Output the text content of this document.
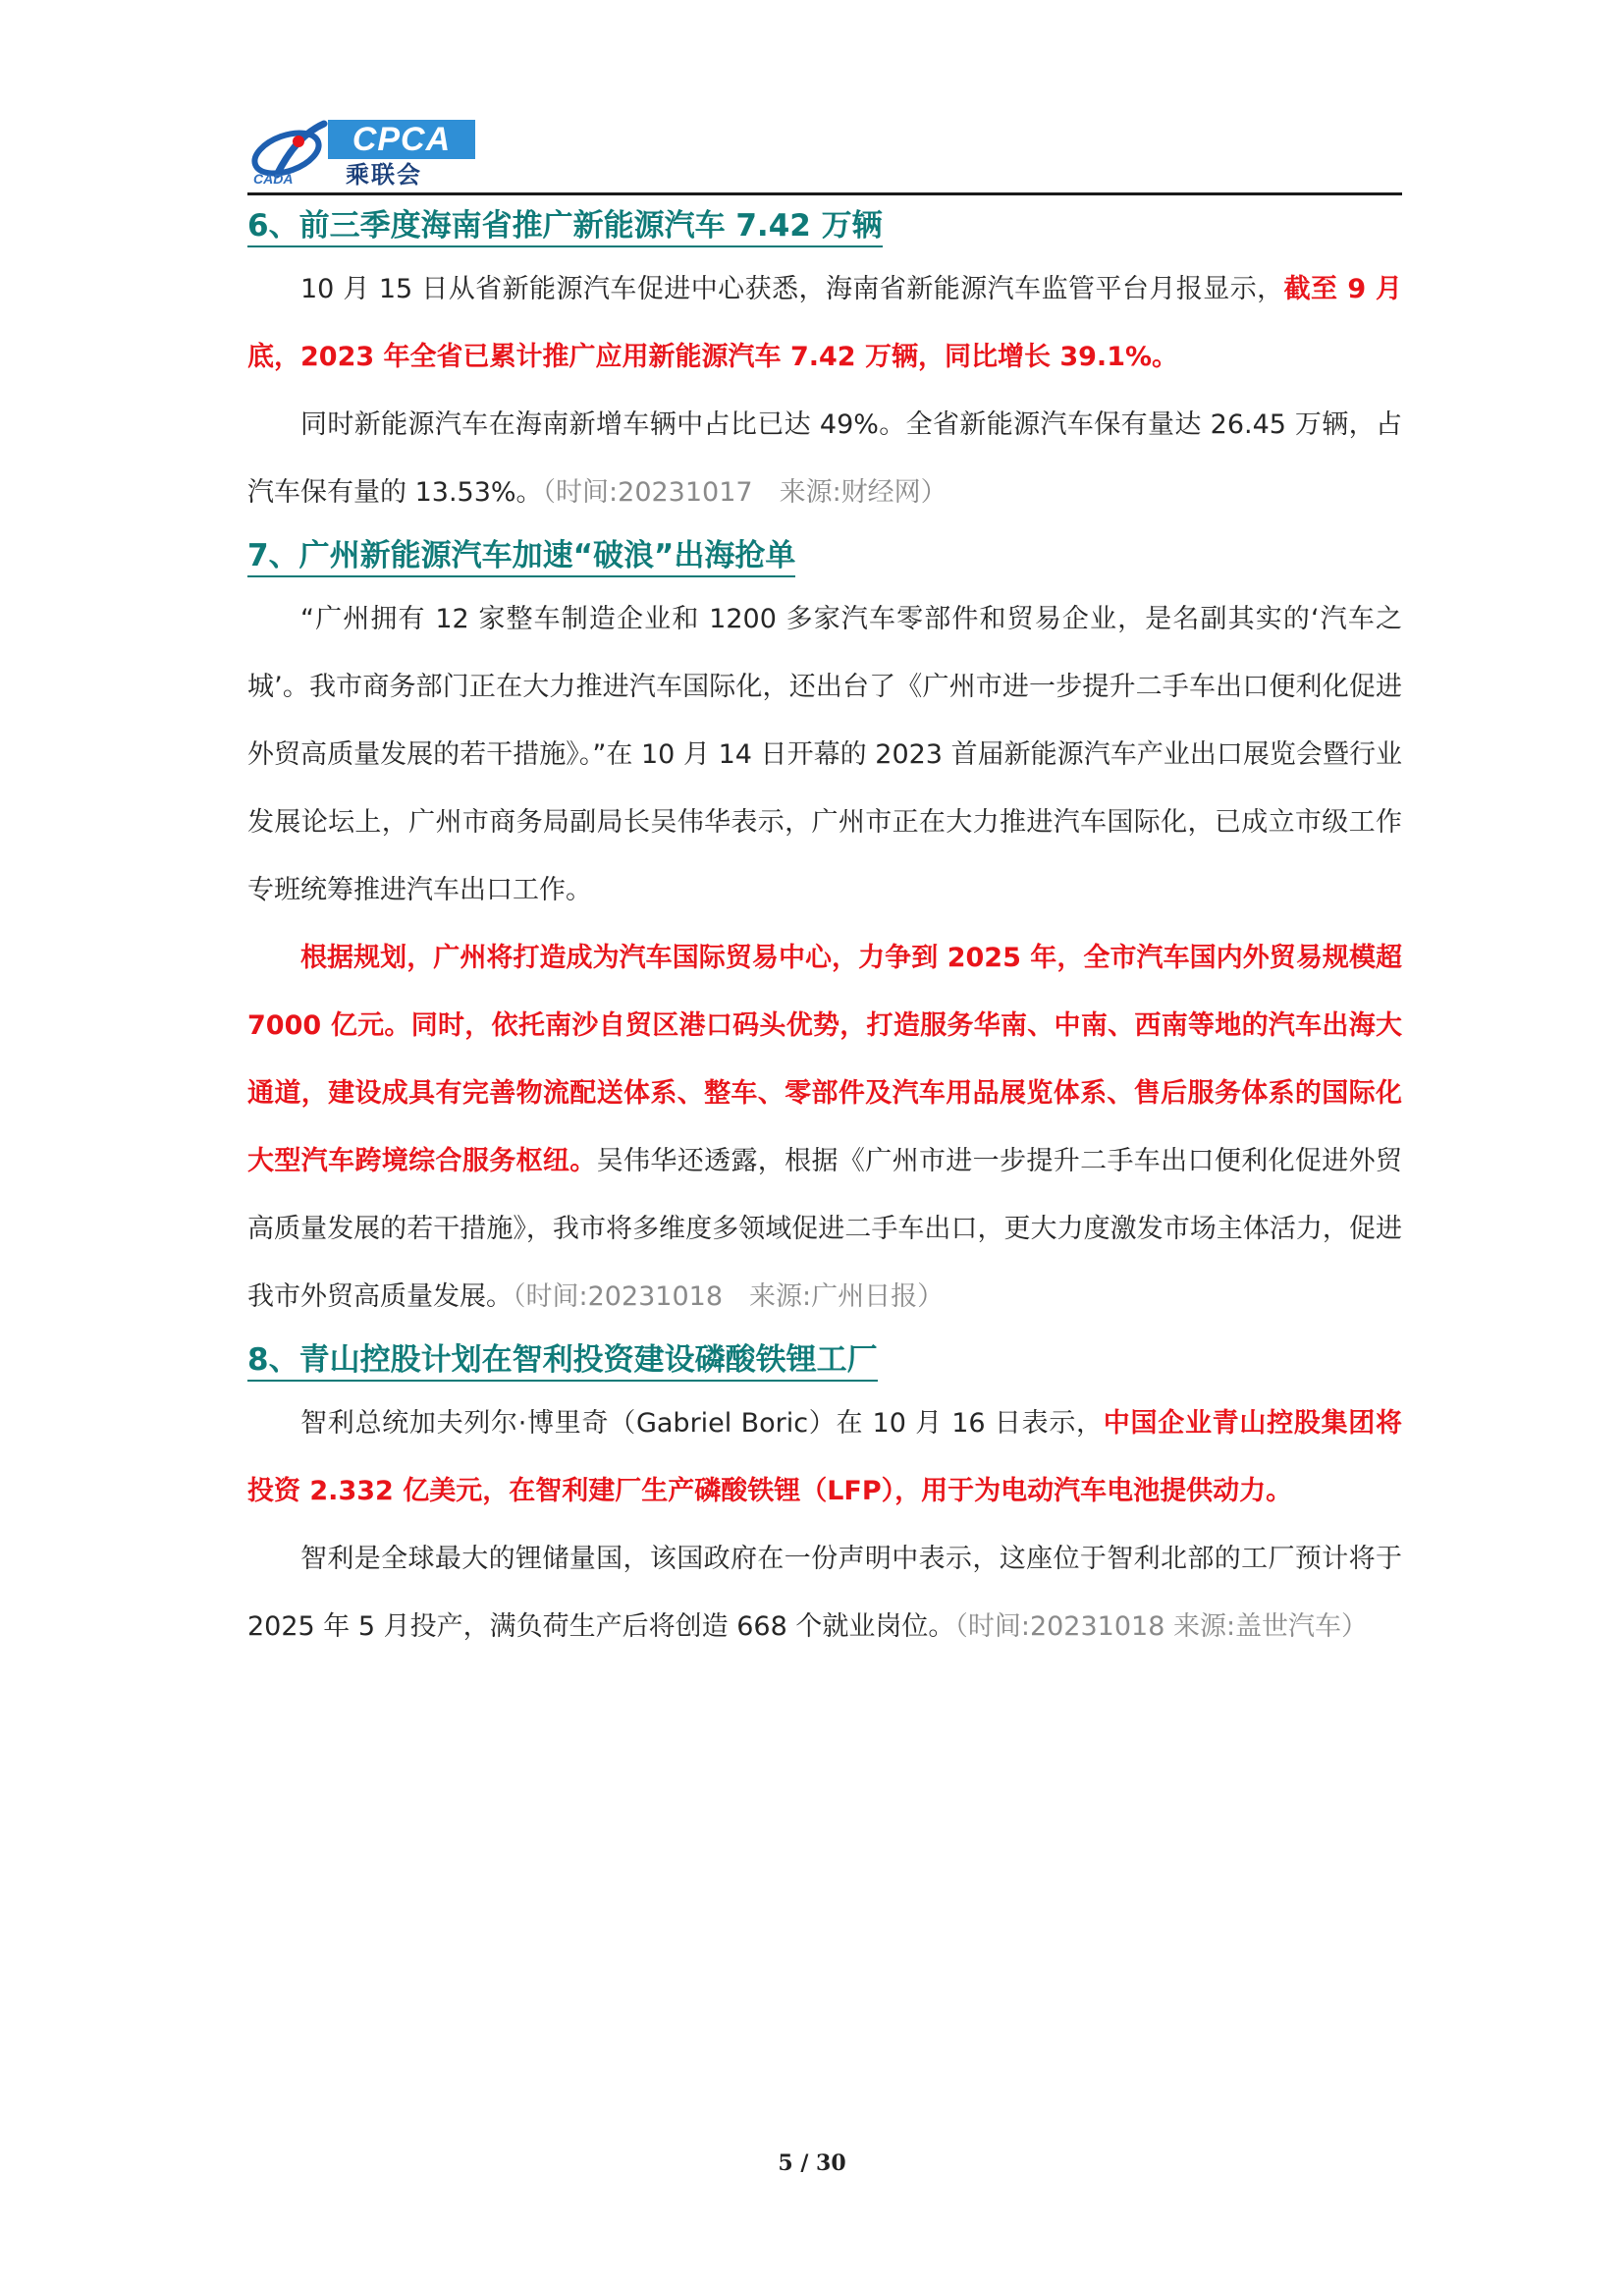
CPCA
乘联会
CADA
6、前三季度海南省推广新能源汽车 7.42 万辆

10 月 15 日从省新能源汽车促进中心获悉，海南省新能源汽车监管平台月报显示，截至 9 月底，2023 年全省已累计推广应用新能源汽车 7.42 万辆，同比增长 39.1%。

同时新能源汽车在海南新增车辆中占比已达 49%。全省新能源汽车保有量达 26.45 万辆，占汽车保有量的 13.53%。（时间:20231017　来源:财经网）

7、广州新能源汽车加速“破浪”出海抢单

“广州拥有 12 家整车制造企业和 1200 多家汽车零部件和贸易企业，是名副其实的‘汽车之城’。我市商务部门正在大力推进汽车国际化，还出台了《广州市进一步提升二手车出口便利化促进外贸高质量发展的若干措施》。”在 10 月 14 日开幕的 2023 首届新能源汽车产业出口展览会暨行业发展论坛上，广州市商务局副局长吴伟华表示，广州市正在大力推进汽车国际化，已成立市级工作专班统筹推进汽车出口工作。

根据规划，广州将打造成为汽车国际贸易中心，力争到 2025 年，全市汽车国内外贸易规模超 7000 亿元。同时，依托南沙自贸区港口码头优势，打造服务华南、中南、西南等地的汽车出海大通道，建设成具有完善物流配送体系、整车、零部件及汽车用品展览体系、售后服务体系的国际化大型汽车跨境综合服务枢纽。吴伟华还透露，根据《广州市进一步提升二手车出口便利化促进外贸高质量发展的若干措施》，我市将多维度多领域促进二手车出口，更大力度激发市场主体活力，促进我市外贸高质量发展。（时间:20231018　来源:广州日报）

8、青山控股计划在智利投资建设磷酸铁锂工厂

智利总统加夫列尔·博里奇（Gabriel Boric）在 10 月 16 日表示，中国企业青山控股集团将投资 2.332 亿美元，在智利建厂生产磷酸铁锂（LFP），用于为电动汽车电池提供动力。

智利是全球最大的锂储量国，该国政府在一份声明中表示，这座位于智利北部的工厂预计将于 2025 年 5 月投产，满负荷生产后将创造 668 个就业岗位。（时间:20231018 来源:盖世汽车）

5 / 30
